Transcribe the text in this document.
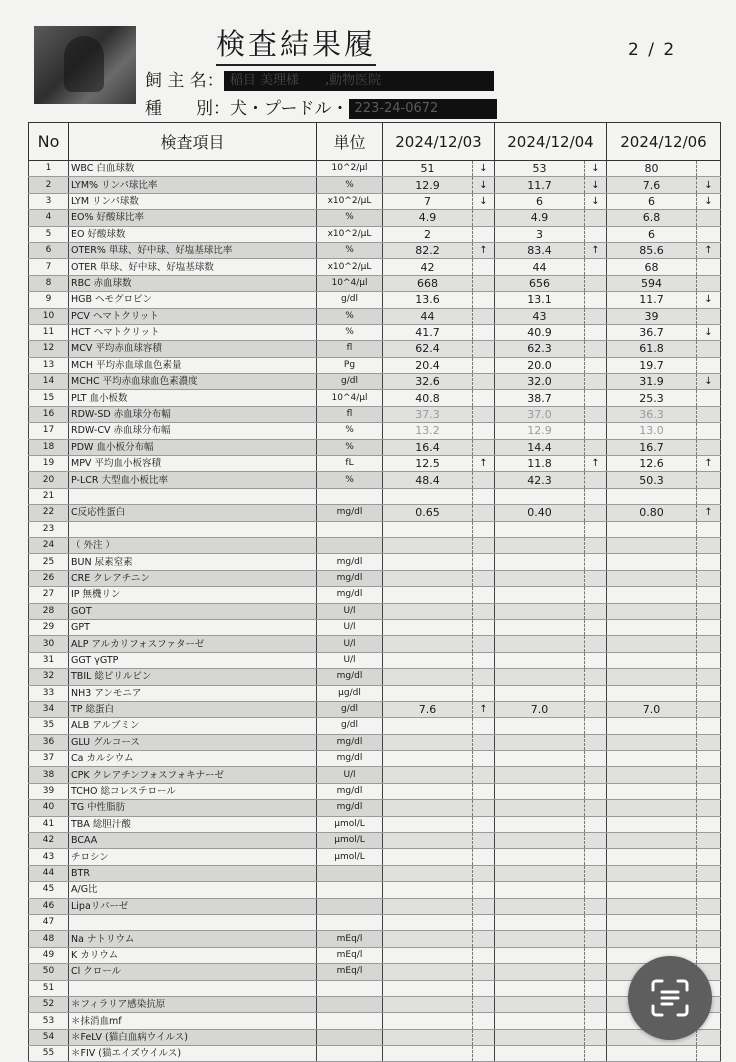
検査結果履	2 / 2
飼 主 名： 稲目 美理様　　,動物医院
種　　別：犬・プードル・ 223-24-0672
No	検査項目	単位	2024/12/03		2024/12/04		2024/12/06	
1	WBC 白血球数	10^2/μl	51	↓	53	↓	80	
2	LYM% リンパ球比率	%	12.9	↓	11.7	↓	7.6	↓
3	LYM リンパ球数	x10^2/μL	7	↓	6	↓	6	↓
4	EO% 好酸球比率	%	4.9		4.9		6.8	
5	EO 好酸球数	x10^2/μL	2		3		6	
6	OTER% 単球、好中球、好塩基球比率	%	82.2	↑	83.4	↑	85.6	↑
7	OTER 単球、好中球、好塩基球数	x10^2/μL	42		44		68	
8	RBC 赤血球数	10^4/μl	668		656		594	
9	HGB ヘモグロビン	g/dl	13.6		13.1		11.7	↓
10	PCV ヘマトクリット	%	44		43		39	
11	HCT ヘマトクリット	%	41.7		40.9		36.7	↓
12	MCV 平均赤血球容積	fl	62.4		62.3		61.8	
13	MCH 平均赤血球血色素量	Pg	20.4		20.0		19.7	
14	MCHC 平均赤血球血色素濃度	g/dl	32.6		32.0		31.9	↓
15	PLT 血小板数	10^4/μl	40.8		38.7		25.3	
16	RDW-SD 赤血球分布幅	fl	37.3		37.0		36.3	
17	RDW-CV 赤血球分布幅	%	13.2		12.9		13.0	
18	PDW 血小板分布幅	%	16.4		14.4		16.7	
19	MPV 平均血小板容積	fL	12.5	↑	11.8	↑	12.6	↑
20	P-LCR 大型血小板比率	%	48.4		42.3		50.3	
21								
22	C反応性蛋白	mg/dl	0.65		0.40		0.80	↑
23								
24	（ 外注 ）							
25	BUN 尿素窒素	mg/dl						
26	CRE クレアチニン	mg/dl						
27	IP 無機リン	mg/dl						
28	GOT	U/l						
29	GPT	U/l						
30	ALP アルカリフォスファターゼ	U/l						
31	GGT γGTP	U/l						
32	TBIL 総ビリルビン	mg/dl						
33	NH3 アンモニア	μg/dl						
34	TP 総蛋白	g/dl	7.6	↑	7.0		7.0	
35	ALB アルブミン	g/dl						
36	GLU グルコース	mg/dl						
37	Ca カルシウム	mg/dl						
38	CPK クレアチンフォスフォキナーゼ	U/l						
39	TCHO 総コレステロール	mg/dl						
40	TG 中性脂肪	mg/dl						
41	TBA 総胆汁酸	μmol/L						
42	BCAA	μmol/L						
43	チロシン	μmol/L						
44	BTR							
45	A/G比							
46	Lipaリパーゼ							
47								
48	Na ナトリウム	mEq/l						
49	K カリウム	mEq/l						
50	Cl クロール	mEq/l						
51								
52	＊フィラリア感染抗原							
53	＊抹消血mf							
54	＊FeLV (猫白血病ウイルス)							
55	＊FIV (猫エイズウイルス)							
